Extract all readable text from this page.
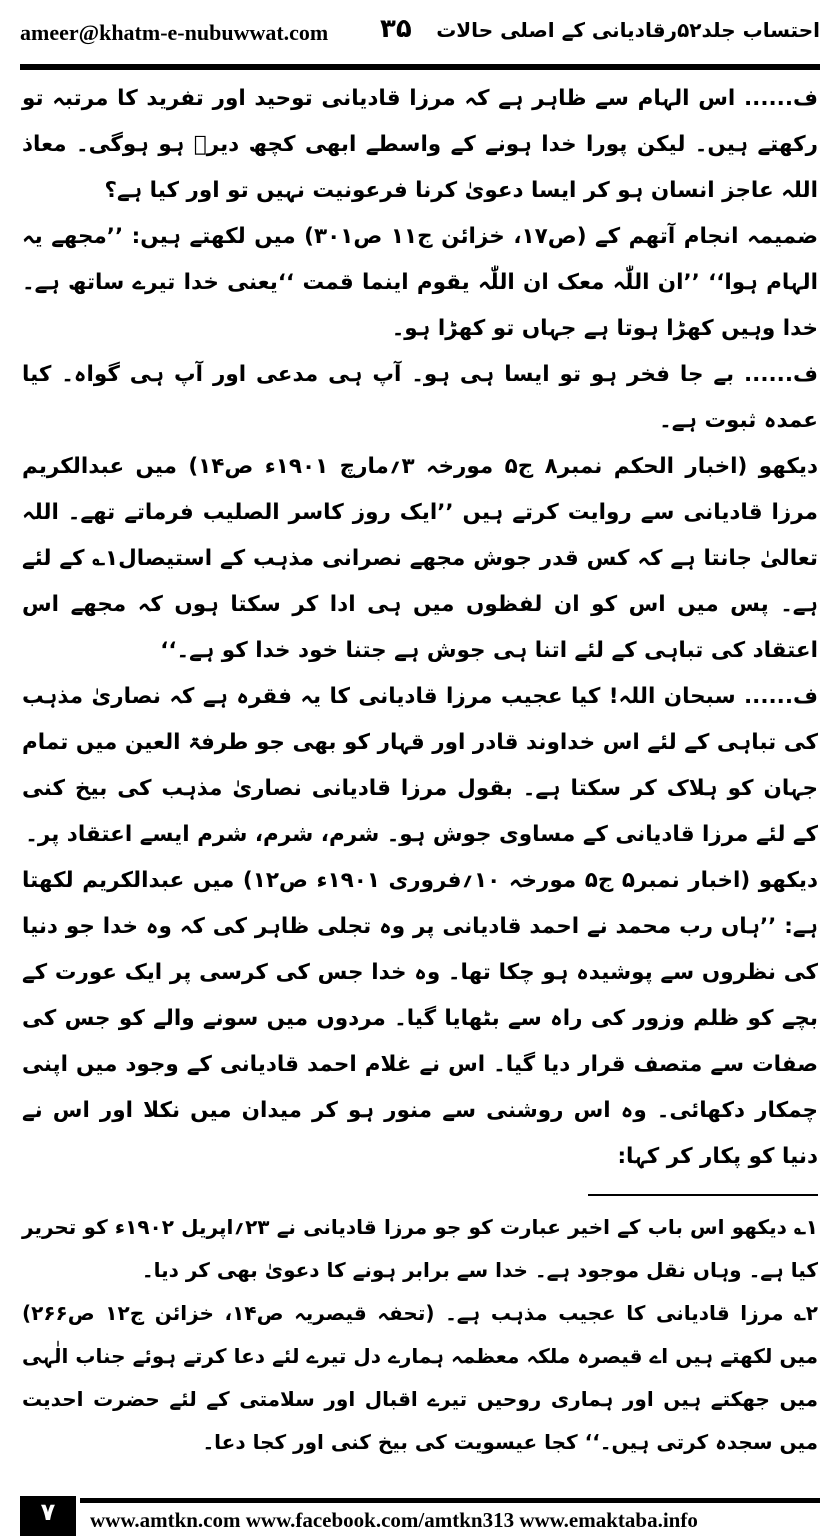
ameer@khatm-e-nubuwwat.com ۳۵ احتساب جلد۵۲رقادیانی کے اصلی حالات

ف...... اس الہام سے ظاہر ہے کہ مرزا قادیانی توحید اور تفرید کا مرتبہ تو رکھتے ہیں۔ لیکن پورا خدا ہونے کے واسطے ابھی کچھ دیرؔ ہو ہوگی۔ معاذ اللہ عاجز انسان ہو کر ایسا دعویٰ کرنا فرعونیت نہیں تو اور کیا ہے؟

ضمیمہ انجام آتھم کے (ص۱۷، خزائن ج۱۱ ص۳۰۱) میں لکھتے ہیں: ’’مجھے یہ الہام ہوا‘‘ ’’ان اللّٰہ معک ان اللّٰہ یقوم اینما قمت ‘‘یعنی خدا تیرے ساتھ ہے۔ خدا وہیں کھڑا ہوتا ہے جہاں تو کھڑا ہو۔

ف...... بے جا فخر ہو تو ایسا ہی ہو۔ آپ ہی مدعی اور آپ ہی گواہ۔ کیا عمدہ ثبوت ہے۔

دیکھو (اخبار الحکم نمبر۸ ج۵ مورخہ ۳؍مارچ ۱۹۰۱ء ص۱۴) میں عبدالکریم مرزا قادیانی سے روایت کرتے ہیں ’’ایک روز کاسر الصلیب فرماتے تھے۔ اللہ تعالیٰ جانتا ہے کہ کس قدر جوش مجھے نصرانی مذہب کے استیصال۱؎ کے لئے ہے۔ پس میں اس کو ان لفظوں میں ہی ادا کر سکتا ہوں کہ مجھے اس اعتقاد کی تباہی کے لئے اتنا ہی جوش ہے جتنا خود خدا کو ہے۔‘‘

ف...... سبحان اللہ! کیا عجیب مرزا قادیانی کا یہ فقرہ ہے کہ نصاریٰ مذہب کی تباہی کے لئے اس خداوند قادر اور قہار کو بھی جو طرفۃ العین میں تمام جہان کو ہلاک کر سکتا ہے۔ بقول مرزا قادیانی نصاریٰ مذہب کی بیخ کنی کے لئے مرزا قادیانی کے مساوی جوش ہو۔ شرم، شرم، شرم ایسے اعتقاد پر۔

دیکھو (اخبار نمبر۵ ج۵ مورخہ ۱۰؍فروری ۱۹۰۱ء ص۱۲) میں عبدالکریم لکھتا ہے: ’’ہاں رب محمد نے احمد قادیانی پر وہ تجلی ظاہر کی کہ وہ خدا جو دنیا کی نظروں سے پوشیدہ ہو چکا تھا۔ وہ خدا جس کی کرسی پر ایک عورت کے بچے کو ظلم وزور کی راہ سے بٹھایا گیا۔ مردوں میں سونے والے کو جس کی صفات سے متصف قرار دیا گیا۔ اس نے غلام احمد قادیانی کے وجود میں اپنی چمکار دکھائی۔ وہ اس روشنی سے منور ہو کر میدان میں نکلا اور اس نے دنیا کو پکار کر کہا:

۱؎ دیکھو اس باب کے اخیر عبارت کو جو مرزا قادیانی نے ۲۳؍اپریل ۱۹۰۲ء کو تحریر کیا ہے۔ وہاں نقل موجود ہے۔ خدا سے برابر ہونے کا دعویٰ بھی کر دیا۔

۲؎ مرزا قادیانی کا عجیب مذہب ہے۔ (تحفہ قیصریہ ص۱۴، خزائن ج۱۲ ص۲۶۶) میں لکھتے ہیں اے قیصرہ ملکہ معظمہ ہمارے دل تیرے لئے دعا کرتے ہوئے جناب الٰہی میں جھکتے ہیں اور ہماری روحیں تیرے اقبال اور سلامتی کے لئے حضرت احدیت میں سجدہ کرتی ہیں۔‘‘ کجا عیسویت کی بیخ کنی اور کجا دعا۔

۷	www.amtkn.com www.facebook.com/amtkn313 www.emaktaba.info
